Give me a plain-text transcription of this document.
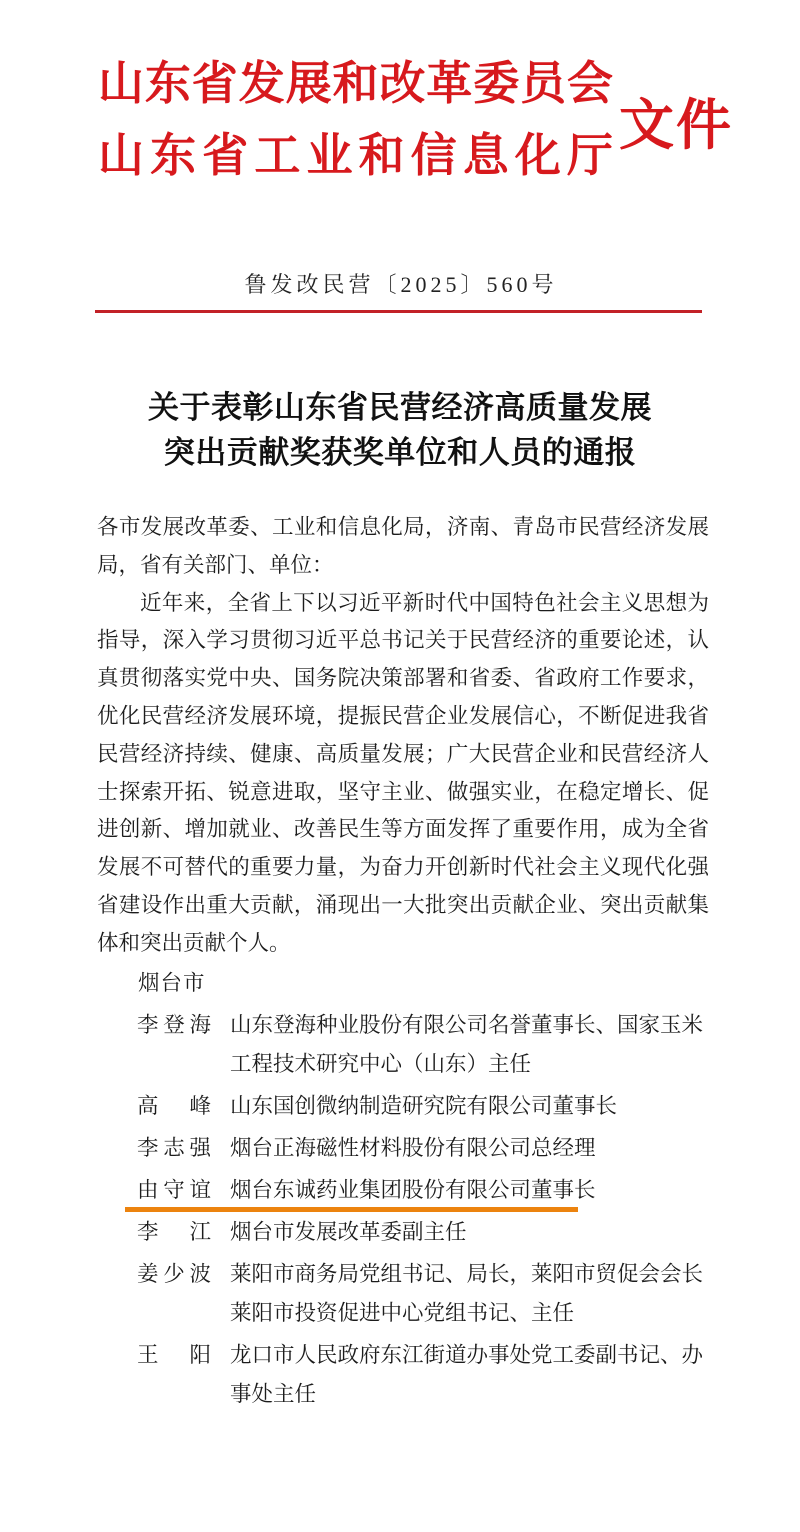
山东省发展和改革委员会
山东省工业和信息化厅 文件
鲁发改民营〔2025〕560号
关于表彰山东省民营经济高质量发展
突出贡献奖获奖单位和人员的通报
各市发展改革委、工业和信息化局，济南、青岛市民营经济发展局，省有关部门、单位：
近年来，全省上下以习近平新时代中国特色社会主义思想为指导，深入学习贯彻习近平总书记关于民营经济的重要论述，认真贯彻落实党中央、国务院决策部署和省委、省政府工作要求，优化民营经济发展环境，提振民营企业发展信心，不断促进我省民营经济持续、健康、高质量发展；广大民营企业和民营经济人士探索开拓、锐意进取，坚守主业、做强实业，在稳定增长、促进创新、增加就业、改善民生等方面发挥了重要作用，成为全省发展不可替代的重要力量，为奋力开创新时代社会主义现代化强省建设作出重大贡献，涌现出一大批突出贡献企业、突出贡献集体和突出贡献个人。
烟台市
李登海 山东登海种业股份有限公司名誉董事长、国家玉米工程技术研究中心（山东）主任
高　峰 山东国创微纳制造研究院有限公司董事长
李志强 烟台正海磁性材料股份有限公司总经理
由守谊 烟台东诚药业集团股份有限公司董事长
李　江 烟台市发展改革委副主任
姜少波 莱阳市商务局党组书记、局长，莱阳市贸促会会长莱阳市投资促进中心党组书记、主任
王　阳 龙口市人民政府东江街道办事处党工委副书记、办事处主任
